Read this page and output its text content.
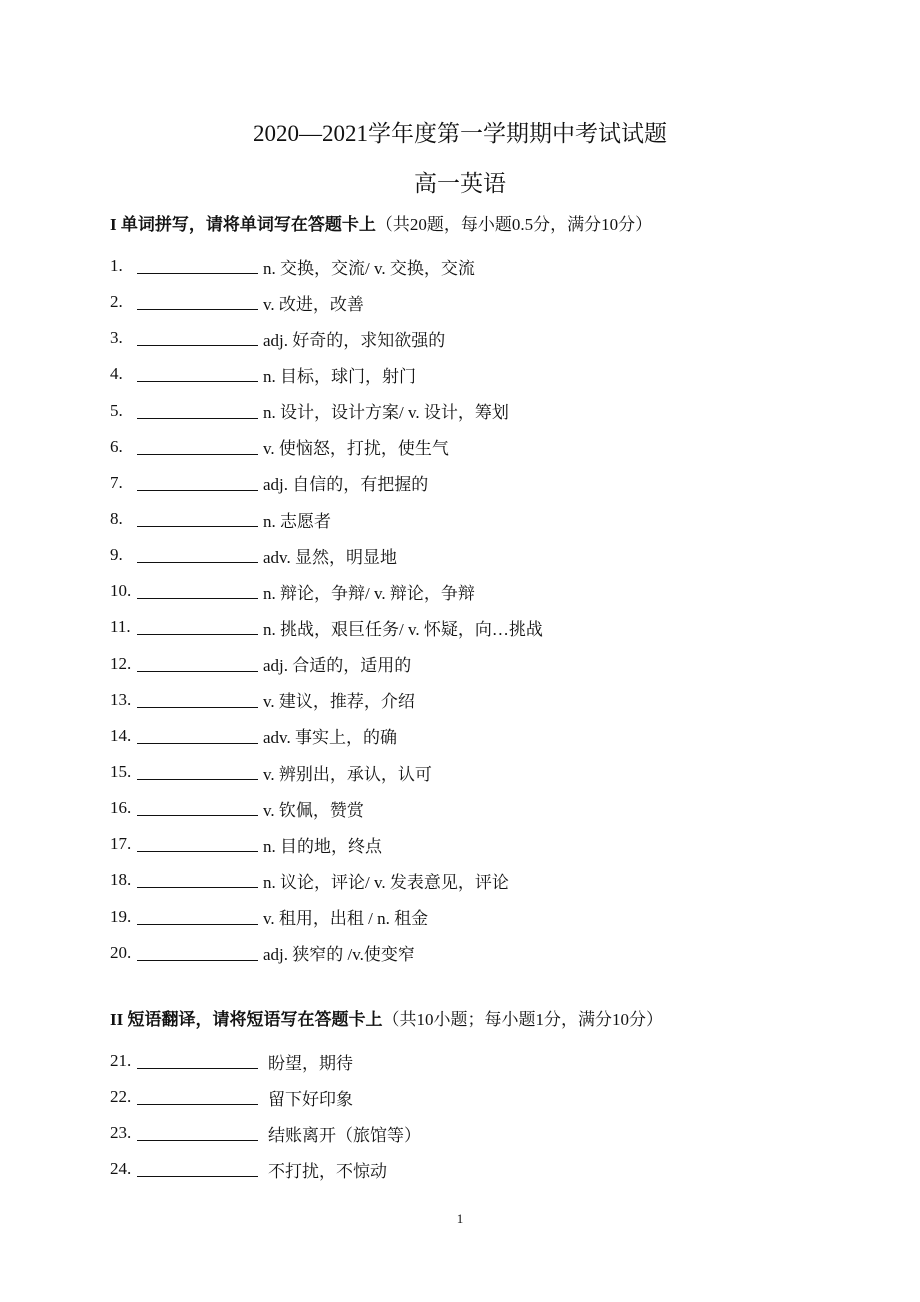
2020—2021学年度第一学期期中考试试题
高一英语
I 单词拼写，请将单词写在答题卡上（共20题，每小题0.5分，满分10分）
1.	n. 交换，交流/ v. 交换，交流
2.	v. 改进，改善
3.	adj. 好奇的，求知欲强的
4.	n. 目标，球门，射门
5.	n. 设计，设计方案/ v. 设计，筹划
6.	v. 使恼怒，打扰，使生气
7.	adj. 自信的，有把握的
8.	n. 志愿者
9.	adv. 显然，明显地
10.	n. 辩论，争辩/ v. 辩论，争辩
11.	n. 挑战，艰巨任务/ v. 怀疑，向…挑战
12.	adj. 合适的，适用的
13.	v. 建议，推荐，介绍
14.	adv. 事实上，的确
15.	v. 辨别出，承认，认可
16.	v. 钦佩，赞赏
17.	n. 目的地，终点
18.	n. 议论，评论/ v. 发表意见，评论
19.	v. 租用，出租 / n. 租金
20.	adj. 狭窄的 /v.使变窄
II 短语翻译，请将短语写在答题卡上（共10小题；每小题1分，满分10分）
21.	盼望，期待
22.	留下好印象
23.	结账离开（旅馆等）
24.	不打扰，不惊动
1
